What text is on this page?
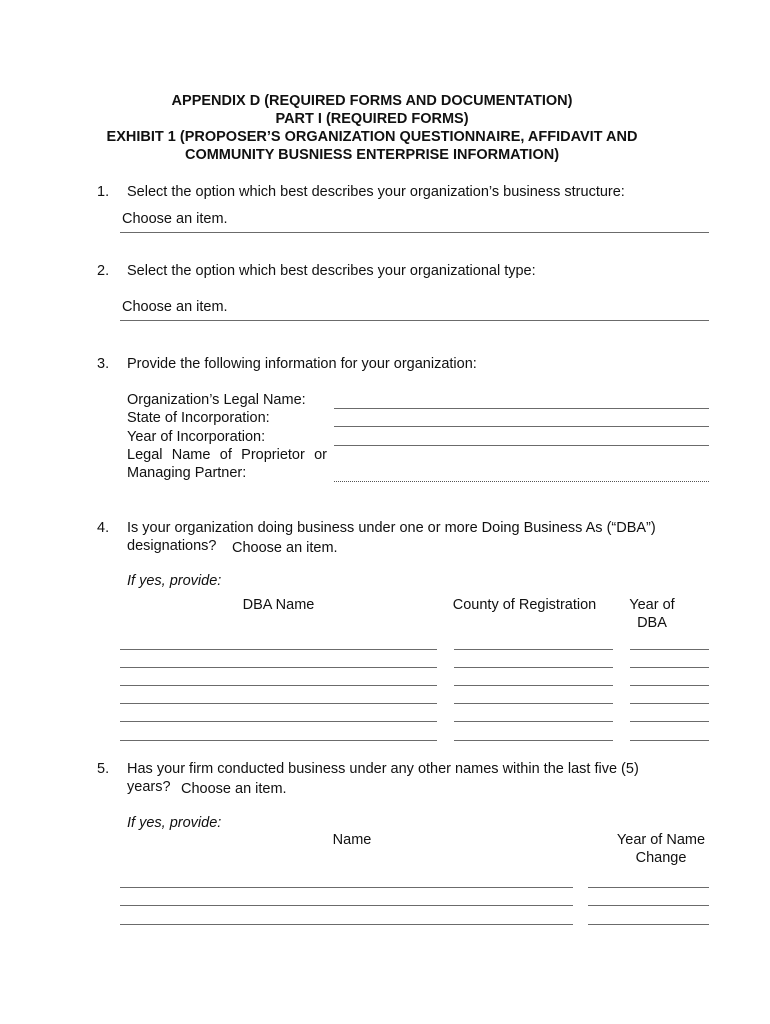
APPENDIX D (REQUIRED FORMS AND DOCUMENTATION)
PART I (REQUIRED FORMS)
EXHIBIT 1 (PROPOSER’S ORGANIZATION QUESTIONNAIRE, AFFIDAVIT AND
COMMUNITY BUSNIESS ENTERPRISE INFORMATION)
1. Select the option which best describes your organization’s business structure:
Choose an item.
2. Select the option which best describes your organizational type:
Choose an item.
3. Provide the following information for your organization:
Organization’s Legal Name:
State of Incorporation:
Year of Incorporation:
Legal Name of Proprietor or
Managing Partner:
4. Is your organization doing business under one or more Doing Business As (“DBA”)
designations? Choose an item.
If yes, provide:
DBA Name	County of Registration	Year of
DBA
5. Has your firm conducted business under any other names within the last five (5)
years? Choose an item.
If yes, provide:
Name	Year of Name
Change
